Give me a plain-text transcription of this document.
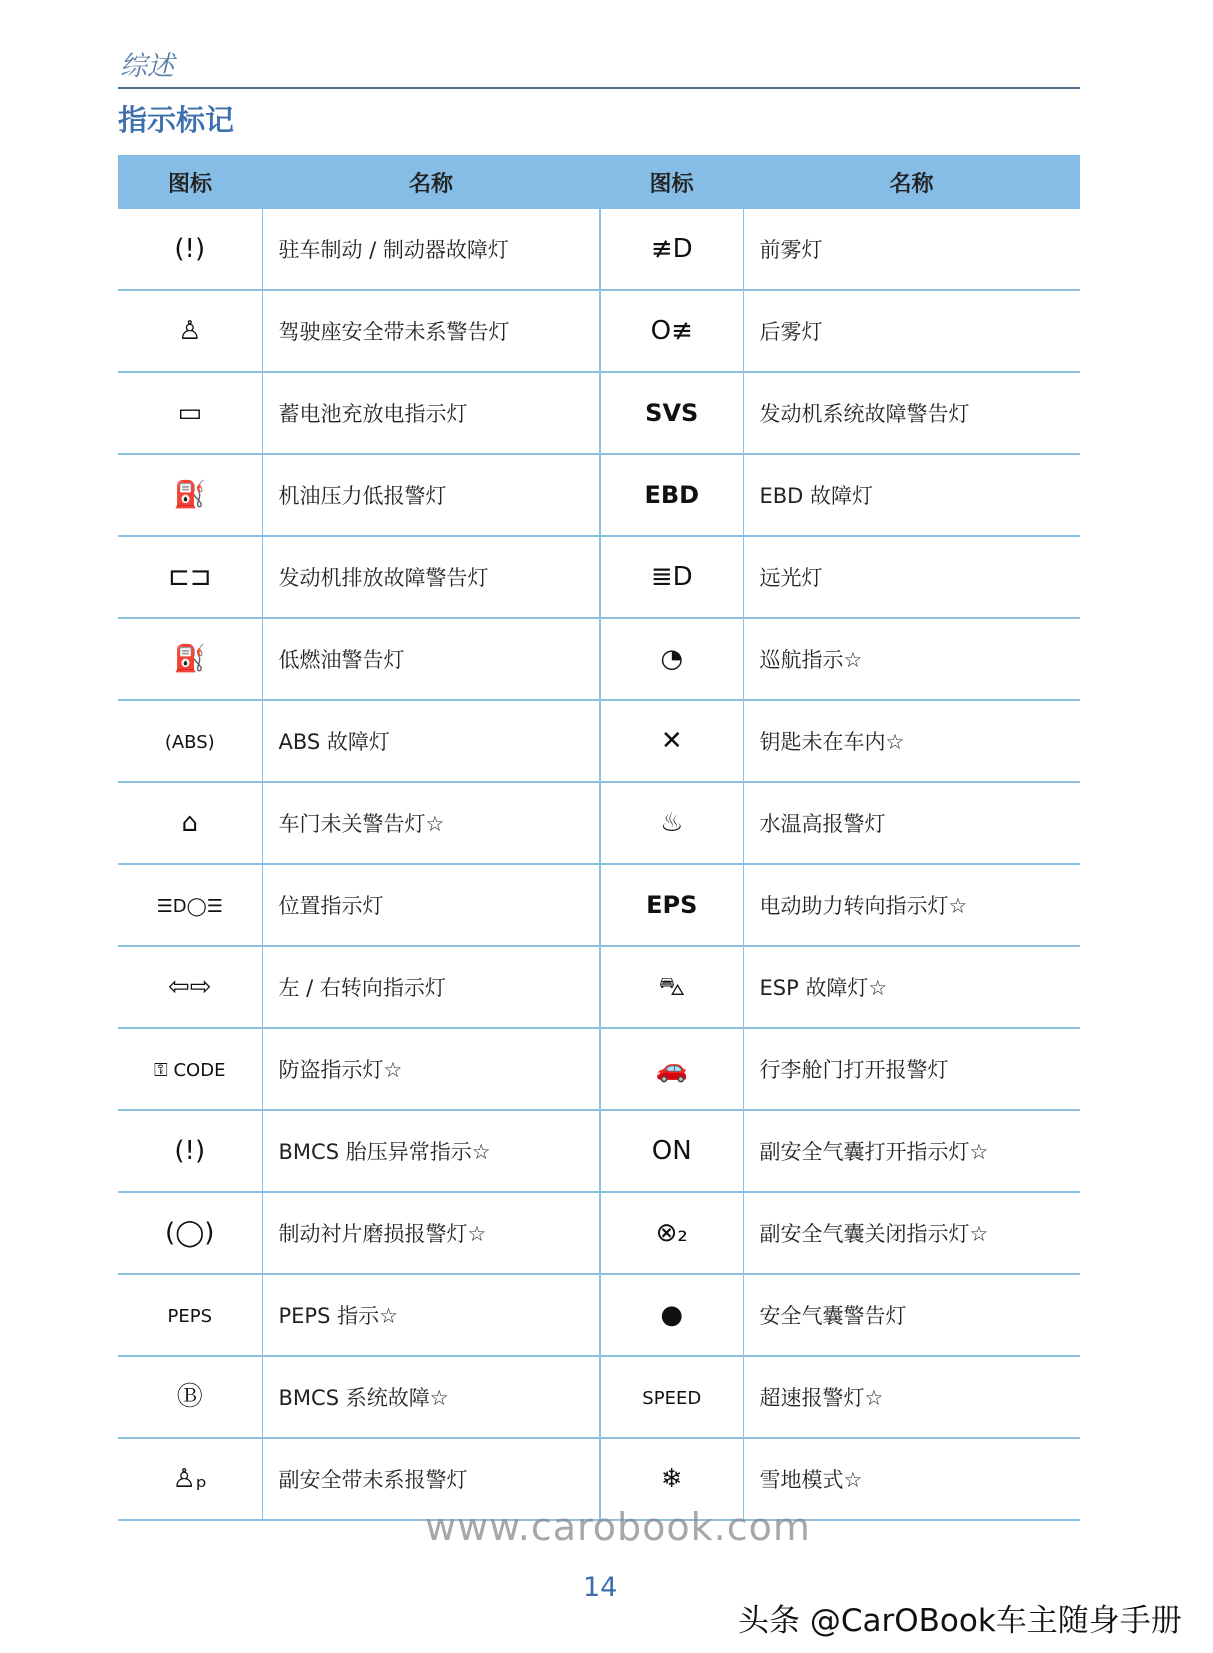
综述
指示标记
图标	名称	图标	名称
(!)	驻车制动 / 制动器故障灯	≢D	前雾灯
♙	驾驶座安全带未系警告灯	O≢	后雾灯
▭	蓄电池充放电指示灯	SVS	发动机系统故障警告灯
⛽	机油压力低报警灯	EBD	EBD 故障灯
⊏⊐	发动机排放故障警告灯	≣D	远光灯
⛽	低燃油警告灯	◔	巡航指示☆
(ABS)	ABS 故障灯	✕	钥匙未在车内☆
⌂	车门未关警告灯☆	♨	水温高报警灯
☰D◯☰	位置指示灯	EPS	电动助力转向指示灯☆
⇦⇨	左 / 右转向指示灯	⛍	ESP 故障灯☆
⚿ CODE	防盗指示灯☆	🚗	行李舱门打开报警灯
(!)	BMCS 胎压异常指示☆	ON	副安全气囊打开指示灯☆
(◯)	制动衬片磨损报警灯☆	⊗₂	副安全气囊关闭指示灯☆
PEPS	PEPS 指示☆	●	安全气囊警告灯
Ⓑ	BMCS 系统故障☆	SPEED	超速报警灯☆
♙ₚ	副安全带未系报警灯	❄	雪地模式☆
www.carobook.com
14
头条 @CarOBook车主随身手册
